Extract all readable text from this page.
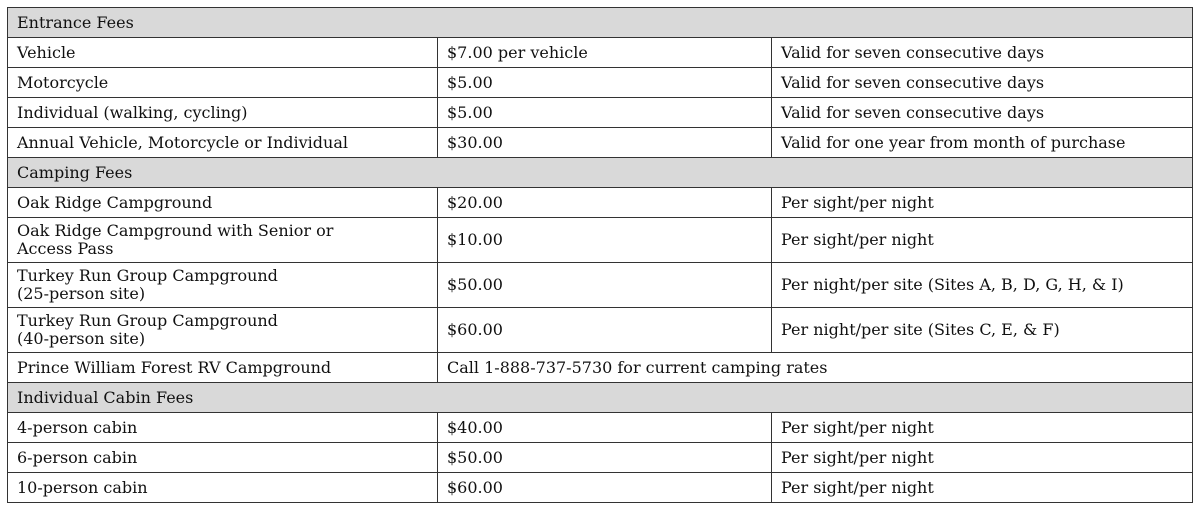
Entrance Fees		
Vehicle	$7.00 per vehicle	Valid for seven consecutive days
Motorcycle	$5.00	Valid for seven consecutive days
Individual (walking, cycling)	$5.00	Valid for seven consecutive days
Annual Vehicle, Motorcycle or Individual	$30.00	Valid for one year from month of purchase
Camping Fees		
Oak Ridge Campground	$20.00	Per sight/per night

Oak Ridge Campground with Senior or
Access Pass	$10.00	Per sight/per night

Turkey Run Group Campground
(25-person site)	$50.00	Per night/per site (Sites A, B, D, G, H, & I)

Turkey Run Group Campground
(40-person site)	$60.00	Per night/per site (Sites C, E, & F)
Prince William Forest RV Campground	Call 1-888-737-5730 for current camping rates	
Individual Cabin Fees		
4-person cabin	$40.00	Per sight/per night
6-person cabin	$50.00	Per sight/per night
10-person cabin	$60.00	Per sight/per night
